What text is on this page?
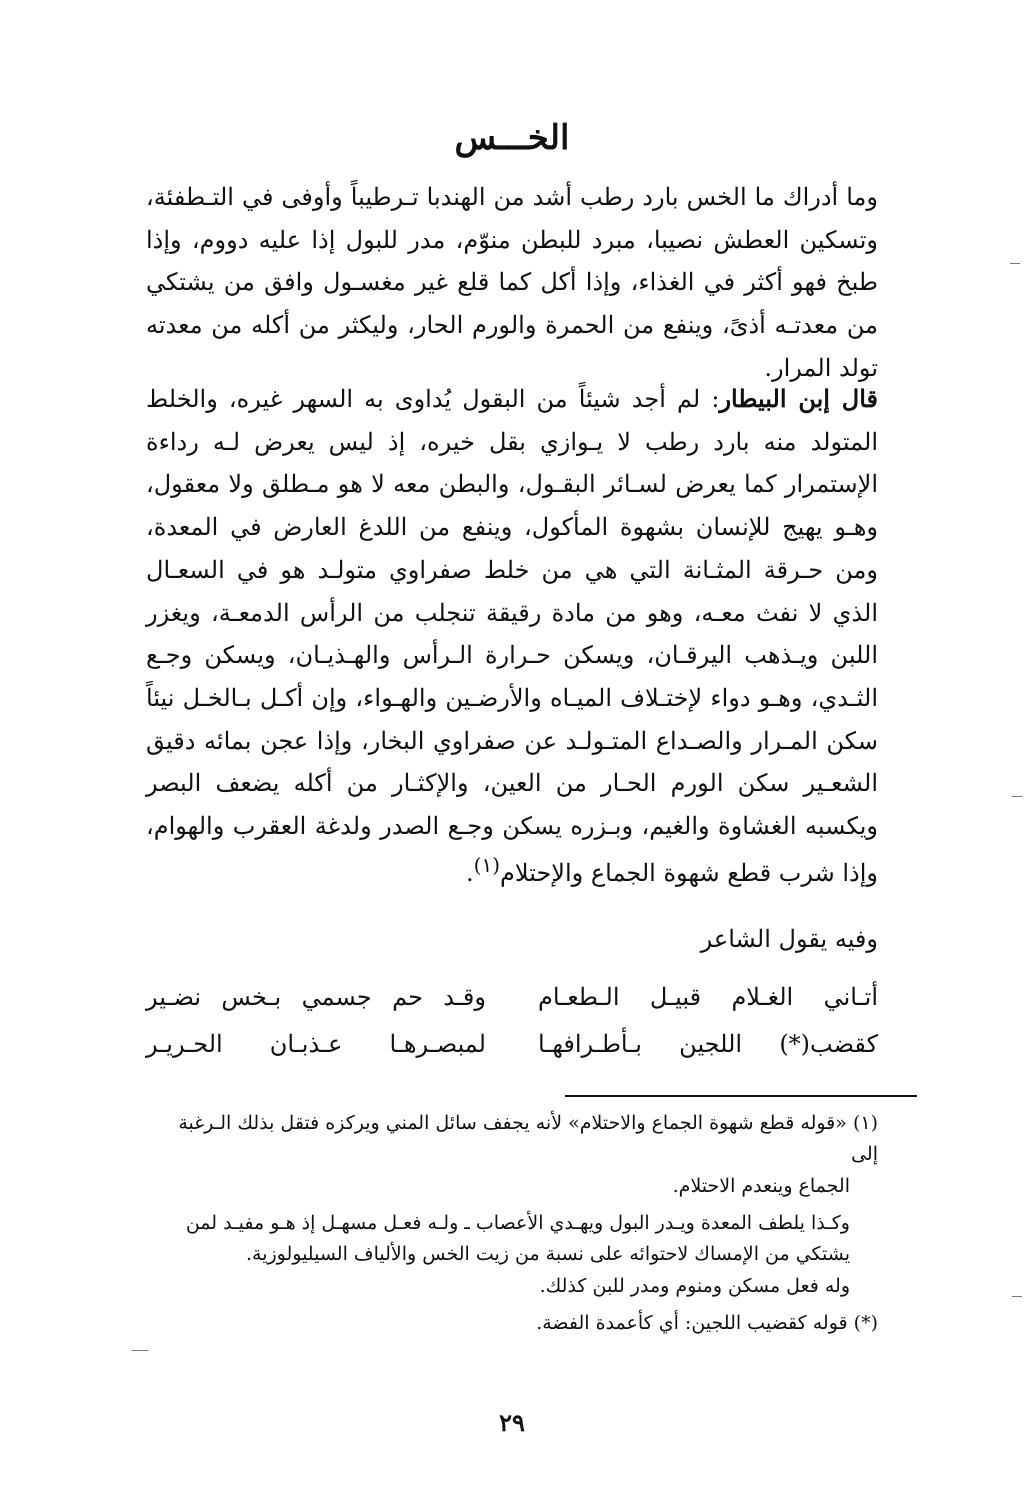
الخـــس
وما أدراك ما الخس بارد رطب أشد من الهندبا تـرطيباً وأوفى في التـطفئة، وتسكين العطش نصيبا، مبرد للبطن منوّم، مدر للبول إذا علیه دووم، وإذا طبخ فهو أكثر في الغذاء، وإذا أكل كما قلع غير مغسـول وافق من يشتكي من معدتـه أذىً، وينفع من الحمرة والورم الحار، وليكثر من أكله من معدته تولد المرار.
قال إبن البيطار: لم أجد شيئاً من البقول يُداوى به السهر غيره، والخلط المتولد منه بارد رطب لا يـوازي بقل خيره، إذ ليس يعرض لـه رداءة الإستمرار كما يعرض لسـائر البقـول، والبطن معه لا هو مـطلق ولا معقول، وهـو يهيج للإنسان بشهوة المأكول، وينفع من اللدغ العارض في المعدة، ومن حـرقة المثـانة التي هي من خلط صفراوي متولـد هو في السعـال الذي لا نفث معـه، وهو من مادة رقيقة تنجلب من الرأس الدمعـة، ويغزر اللبن ويـذهب اليرقـان، ويسكن حـرارة الـرأس والهـذيـان، ويسكن وجـع الثـدي، وهـو دواء لإختـلاف الميـاه والأرضـين والهـواء، وإن أكـل بـالخـل نيئاً سكن المـرار والصـداع المتـولـد عن صفراوي البخار، وإذا عجن بمائه دقيق الشعـير سكن الورم الحـار من العين، والإكثـار من أكله يضعف البصر ويكسبه الغشاوة والغيم، وبـزره يسكن وجـع الصدر ولدغة العقرب والهوام، وإذا شرب قطع شهوة الجماع والإحتلام$^{(١)}$.
وفيه يقول الشاعر
أتـاني الغـلام قبيـل الـطعـام
وقـد حم جسمي بـخس نضـير
كقضب(*) اللجين بـأطـرافهـا
لمبصـرهـا عـذبـان الحـريـر
(١) «قوله قطع شهوة الجماع والاحتلام» لأنه يجفف سائل المني ويركزه فتقل بذلك الـرغبة إلى
الجماع وينعدم الاحتلام.
وكـذا يلطف المعدة ويـدر البول ويهـدي الأعصاب ـ ولـه فعـل مسهـل إذ هـو مفيـد لمن
يشتكي من الإمساك لاحتوائه على نسبة من زيت الخس والألياف السيليولوزية.
وله فعل مسكن ومنوم ومدر للبن كذلك.
(*) قوله كقضيب اللجين: أي كأعمدة الفضة.
٢٩
